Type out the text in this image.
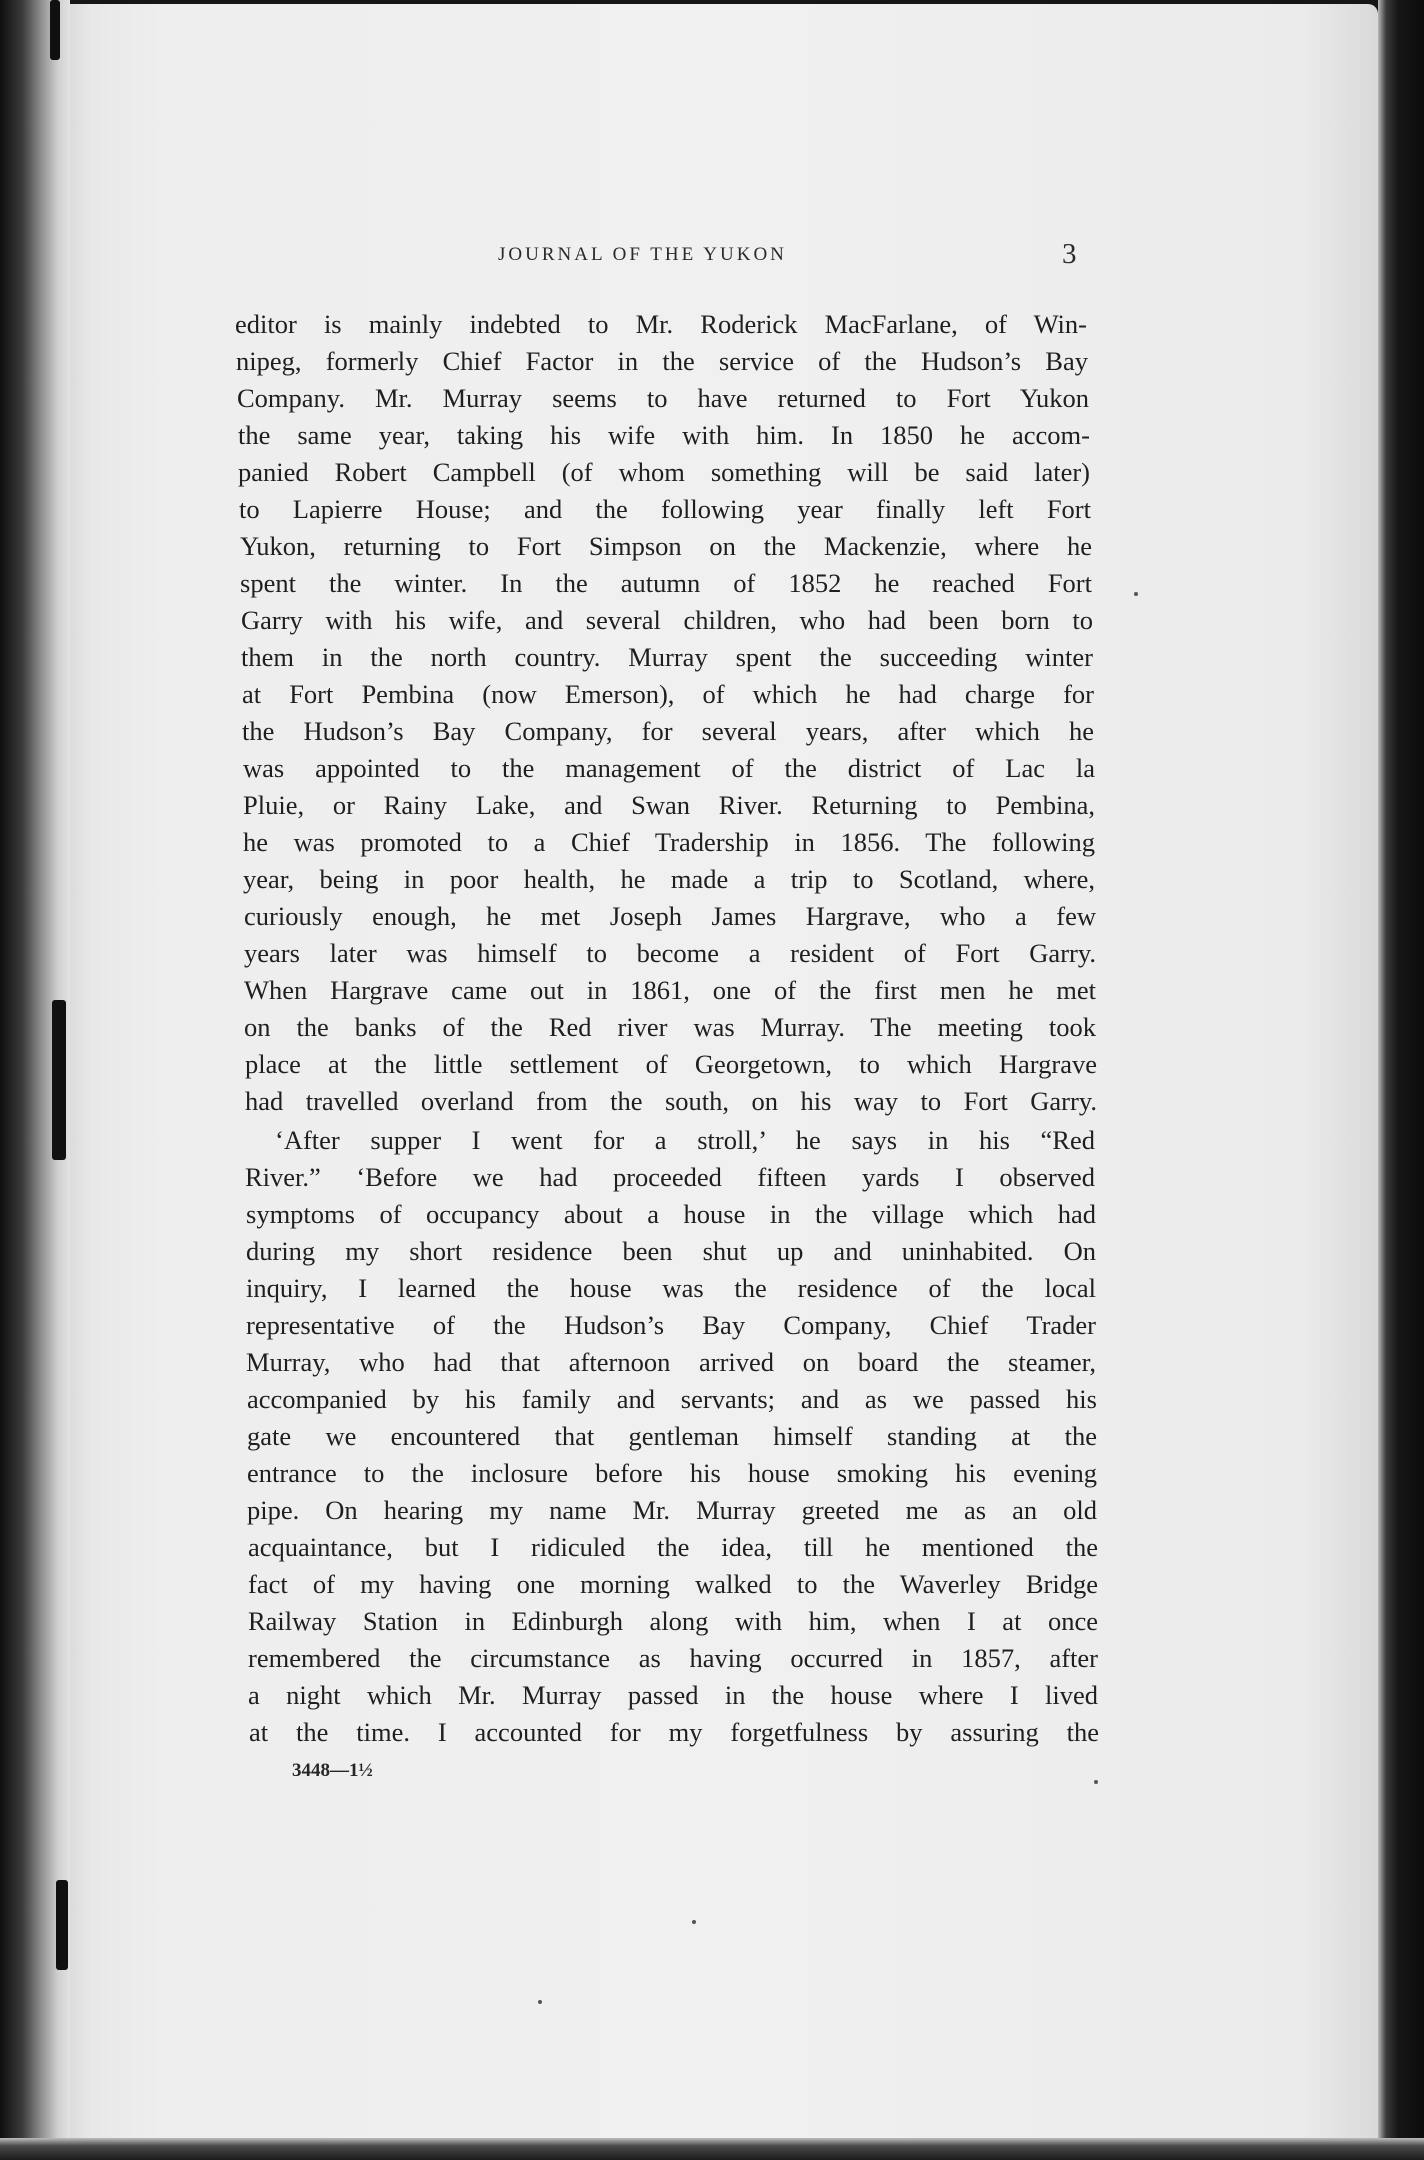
JOURNAL OF THE YUKON	3
editor is mainly indebted to Mr. Roderick MacFarlane, of Win-
nipeg, formerly Chief Factor in the service of the Hudson’s Bay
Company. Mr. Murray seems to have returned to Fort Yukon
the same year, taking his wife with him. In 1850 he accom-
panied Robert Campbell (of whom something will be said later)
to Lapierre House; and the following year finally left Fort
Yukon, returning to Fort Simpson on the Mackenzie, where he
spent the winter. In the autumn of 1852 he reached Fort
Garry with his wife, and several children, who had been born to
them in the north country. Murray spent the succeeding winter
at Fort Pembina (now Emerson), of which he had charge for
the Hudson’s Bay Company, for several years, after which he
was appointed to the management of the district of Lac la
Pluie, or Rainy Lake, and Swan River. Returning to Pembina,
he was promoted to a Chief Tradership in 1856. The following
year, being in poor health, he made a trip to Scotland, where,
curiously enough, he met Joseph James Hargrave, who a few
years later was himself to become a resident of Fort Garry.
When Hargrave came out in 1861, one of the first men he met
on the banks of the Red river was Murray. The meeting took
place at the little settlement of Georgetown, to which Hargrave
had travelled overland from the south, on his way to Fort Garry.
‘After supper I went for a stroll,’ he says in his “Red
River.” ‘Before we had proceeded fifteen yards I observed
symptoms of occupancy about a house in the village which had
during my short residence been shut up and uninhabited. On
inquiry, I learned the house was the residence of the local
representative of the Hudson’s Bay Company, Chief Trader
Murray, who had that afternoon arrived on board the steamer,
accompanied by his family and servants; and as we passed his
gate we encountered that gentleman himself standing at the
entrance to the inclosure before his house smoking his evening
pipe. On hearing my name Mr. Murray greeted me as an old
acquaintance, but I ridiculed the idea, till he mentioned the
fact of my having one morning walked to the Waverley Bridge
Railway Station in Edinburgh along with him, when I at once
remembered the circumstance as having occurred in 1857, after
a night which Mr. Murray passed in the house where I lived
at the time. I accounted for my forgetfulness by assuring the
3448—1½
